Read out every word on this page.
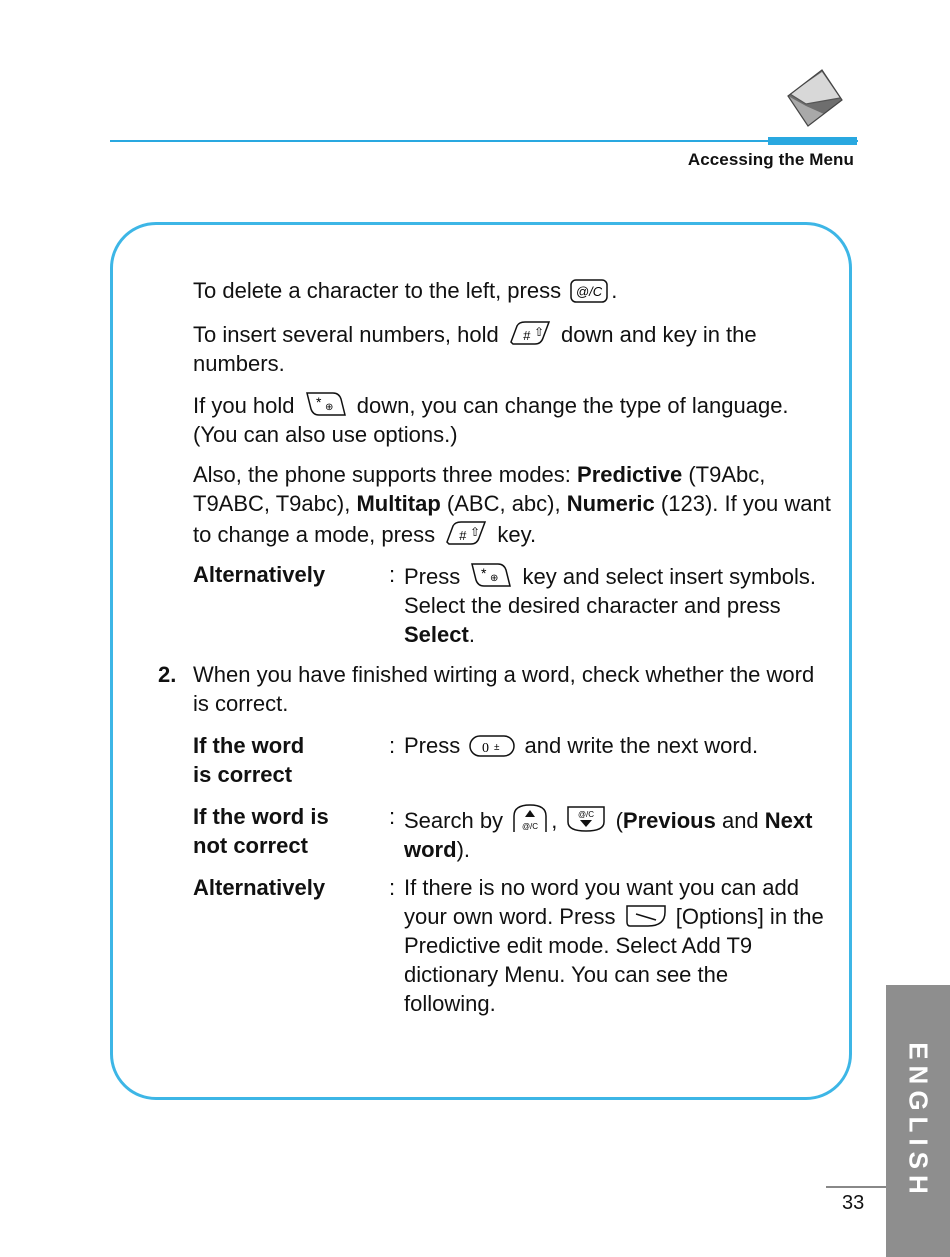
Accessing the Menu
To delete a character to the left, press @/C .
To insert several numbers, hold # ⇧ down and key in the numbers.
If you hold * ⊕ down, you can change the type of language. (You can also use options.)
Also, the phone supports three modes: Predictive (T9Abc, T9ABC, T9abc), Multitap (ABC, abc), Numeric (123). If you want to change a mode, press # ⇧ key.
Alternatively	: Press * ⊕ key and select insert symbols. Select the desired character and press Select.
2. When you have finished wirting a word, check whether the word is correct.
If the word
is correct
: Press 0 ± and write the next word.
If the word is
not correct
: Search by @/C ,	@/C (Previous and Next word).
Alternatively	: If there is no word you want you can add your own word. Press	[Options] in the Predictive edit mode. Select Add T9 dictionary Menu. You can see the following.
ENGLISH
33
